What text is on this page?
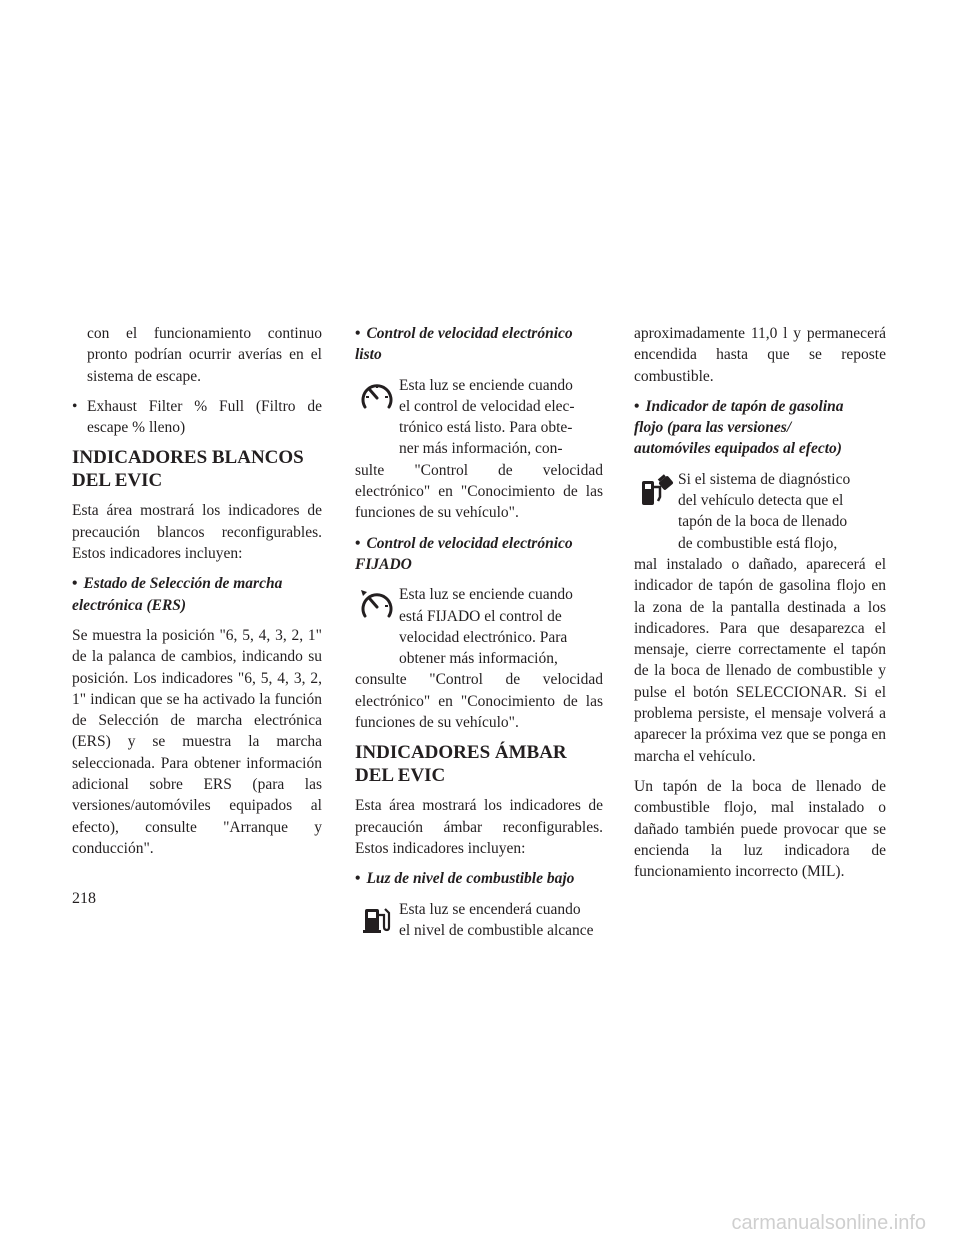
con el funcionamiento continuo pronto podrían ocurrir averías en el sistema de escape.

• Exhaust Filter % Full (Filtro de escape % lleno)

INDICADORES BLANCOS
DEL EVIC

Esta área mostrará los indicadores de precaución blancos reconfigurables. Estos indicadores incluyen:

• Estado de Selección de marcha
electrónica (ERS)

Se muestra la posición "6, 5, 4, 3, 2, 1" de la palanca de cambios, indicando su posición. Los indicadores "6, 5, 4, 3, 2, 1" indican que se ha activado la función de Selección de marcha electrónica (ERS) y se muestra la marcha seleccionada. Para obtener información adicional sobre ERS (para las versiones/automóviles equipados al efecto), consulte "Arranque y conducción".

• Control de velocidad electrónico
listo

Esta luz se enciende cuando
el control de velocidad elec-
trónico está listo. Para obte-
ner más información, con-

sulte "Control de velocidad electrónico" en "Conocimiento de las funciones de su vehículo".

• Control de velocidad electrónico
FIJADO

Esta luz se enciende cuando
está FIJADO el control de
velocidad electrónico. Para
obtener más información,

consulte "Control de velocidad electrónico" en "Conocimiento de las funciones de su vehículo".

INDICADORES ÁMBAR
DEL EVIC

Esta área mostrará los indicadores de precaución ámbar reconfigurables. Estos indicadores incluyen:

• Luz de nivel de combustible bajo

Esta luz se encenderá cuando
el nivel de combustible alcance

aproximadamente 11,0 l y permanecerá encendida hasta que se reposte combustible.

• Indicador de tapón de gasolina
flojo (para las versiones/
automóviles equipados al efecto)

Si el sistema de diagnóstico
del vehículo detecta que el
tapón de la boca de llenado
de combustible está flojo,

mal instalado o dañado, aparecerá el indicador de tapón de gasolina flojo en la zona de la pantalla destinada a los indicadores. Para que desaparezca el mensaje, cierre correctamente el tapón de la boca de llenado de combustible y pulse el botón SELECCIONAR. Si el problema persiste, el mensaje volverá a aparecer la próxima vez que se ponga en marcha el vehículo.

Un tapón de la boca de llenado de combustible flojo, mal instalado o dañado también puede provocar que se encienda la luz indicadora de funcionamiento incorrecto (MIL).

218
carmanualsonline.info
